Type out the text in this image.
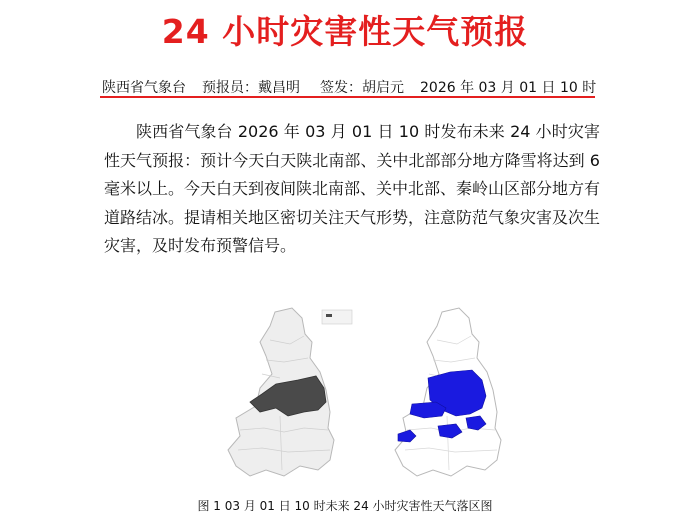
24 小时灾害性天气预报
陕西省气象台 预报员：戴昌明 签发：胡启元 2026 年 03 月 01 日 10 时
陕西省气象台 2026 年 03 月 01 日 10 时发布未来 24 小时灾害性天气预报：预计今天白天陕北南部、关中北部部分地方降雪将达到 6 毫米以上。今天白天到夜间陕北南部、关中北部、秦岭山区部分地方有道路结冰。提请相关地区密切关注天气形势，注意防范气象灾害及次生灾害，及时发布预警信号。
图 1 03 月 01 日 10 时未来 24 小时灾害性天气落区图
